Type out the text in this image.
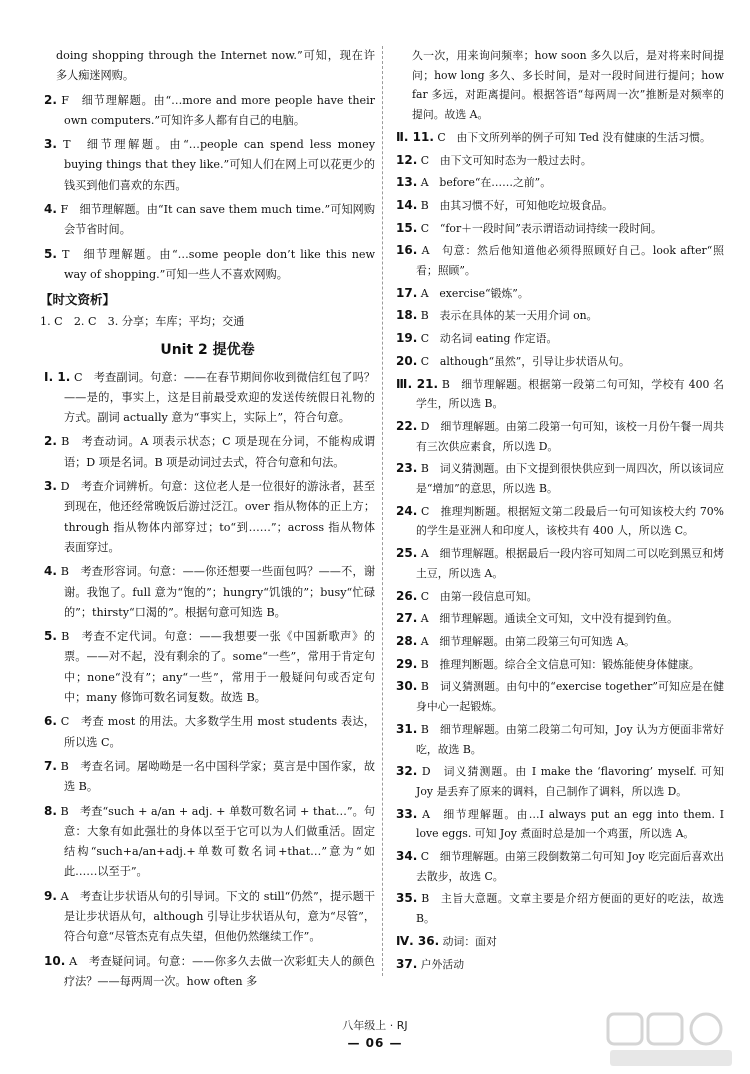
doing shopping through the Internet now.”可知，现在许多人痴迷网购。
2. F　细节理解题。由“…more and more people have their own computers.”可知许多人都有自己的电脑。
3. T　细节理解题。由“…people can spend less money buying things that they like.”可知人们在网上可以花更少的钱买到他们喜欢的东西。
4. F　细节理解题。由“It can save them much time.”可知网购会节省时间。
5. T　细节理解题。由“…some people don’t like this new way of shopping.”可知一些人不喜欢网购。
【时文资析】
1. C　2. C　3. 分享；车库；平均；交通
Unit 2 提优卷
Ⅰ. 1. C　考查副词。句意：——在春节期间你收到微信红包了吗？——是的，事实上，这是目前最受欢迎的发送传统假日礼物的方式。副词 actually 意为“事实上，实际上”，符合句意。
2. B　考查动词。A 项表示状态；C 项是现在分词，不能构成谓语；D 项是名词。B 项是动词过去式，符合句意和句法。
3. D　考查介词辨析。句意：这位老人是一位很好的游泳者，甚至到现在，他还经常晚饭后游过泛江。over 指从物体的正上方；through 指从物体内部穿过；to“到……”；across 指从物体表面穿过。
4. B　考查形容词。句意：——你还想要一些面包吗？——不，谢谢。我饱了。full 意为“饱的”；hungry“饥饿的”；busy“忙碌的”；thirsty“口渴的”。根据句意可知选 B。
5. B　考查不定代词。句意：——我想要一张《中国新歌声》的票。——对不起，没有剩余的了。some“一些”，常用于肯定句中；none“没有”；any“一些”，常用于一般疑问句或否定句中；many 修饰可数名词复数。故选 B。
6. C　考查 most 的用法。大多数学生用 most students 表达，所以选 C。
7. B　考查名词。屠呦呦是一名中国科学家；莫言是中国作家，故选 B。
8. B　考查“such + a/an + adj. + 单数可数名词 + that…”。句意：大象有如此强壮的身体以至于它可以为人们做重活。固定结构“such+a/an+adj.+单数可数名词+that…”意为“如此……以至于”。
9. A　考查让步状语从句的引导词。下文的 still“仍然”，提示题干是让步状语从句，although 引导让步状语从句，意为“尽管”，符合句意“尽管杰克有点失望，但他仍然继续工作”。
10. A　考查疑问词。句意：——你多久去做一次彩虹夫人的颜色疗法？——每两周一次。how often 多
久一次，用来询问频率；how soon 多久以后，是对将来时间提问；how long 多久、多长时间，是对一段时间进行提问；how far 多远，对距离提问。根据答语“每两周一次”推断是对频率的提问。故选 A。
Ⅱ. 11. C　由下文所列举的例子可知 Ted 没有健康的生活习惯。
12. C　由下文可知时态为一般过去时。
13. A　before“在……之前”。
14. B　由其习惯不好，可知他吃垃圾食品。
15. C　“for＋一段时间”表示谓语动词持续一段时间。
16. A　句意：然后他知道他必须得照顾好自己。look after“照看；照顾”。
17. A　exercise“锻炼”。
18. B　表示在具体的某一天用介词 on。
19. C　动名词 eating 作定语。
20. C　although“虽然”，引导让步状语从句。
Ⅲ. 21. B　细节理解题。根据第一段第二句可知，学校有 400 名学生，所以选 B。
22. D　细节理解题。由第二段第一句可知，该校一月份午餐一周共有三次供应素食，所以选 D。
23. B　词义猜测题。由下文提到很快供应到一周四次，所以该词应是“增加”的意思，所以选 B。
24. C　推理判断题。根据短文第二段最后一句可知该校大约 70% 的学生是亚洲人和印度人，该校共有 400 人，所以选 C。
25. A　细节理解题。根据最后一段内容可知周二可以吃到黑豆和烤土豆，所以选 A。
26. C　由第一段信息可知。
27. A　细节理解题。通读全文可知，文中没有提到钓鱼。
28. A　细节理解题。由第二段第三句可知选 A。
29. B　推理判断题。综合全文信息可知：锻炼能使身体健康。
30. B　词义猜测题。由句中的“exercise together”可知应是在健身中心一起锻炼。
31. B　细节理解题。由第二段第二句可知，Joy 认为方便面非常好吃，故选 B。
32. D　词义猜测题。由 I make the ‘flavoring’ myself. 可知 Joy 是丢弃了原来的调料，自己制作了调料，所以选 D。
33. A　细节理解题。由…I always put an egg into them. I love eggs. 可知 Joy 煮面时总是加一个鸡蛋，所以选 A。
34. C　细节理解题。由第三段倒数第二句可知 Joy 吃完面后喜欢出去散步，故选 C。
35. B　主旨大意题。文章主要是介绍方便面的更好的吃法，故选 B。
Ⅳ. 36. 动词：面对
37. 户外活动
八年级上 · RJ
— 06 —
